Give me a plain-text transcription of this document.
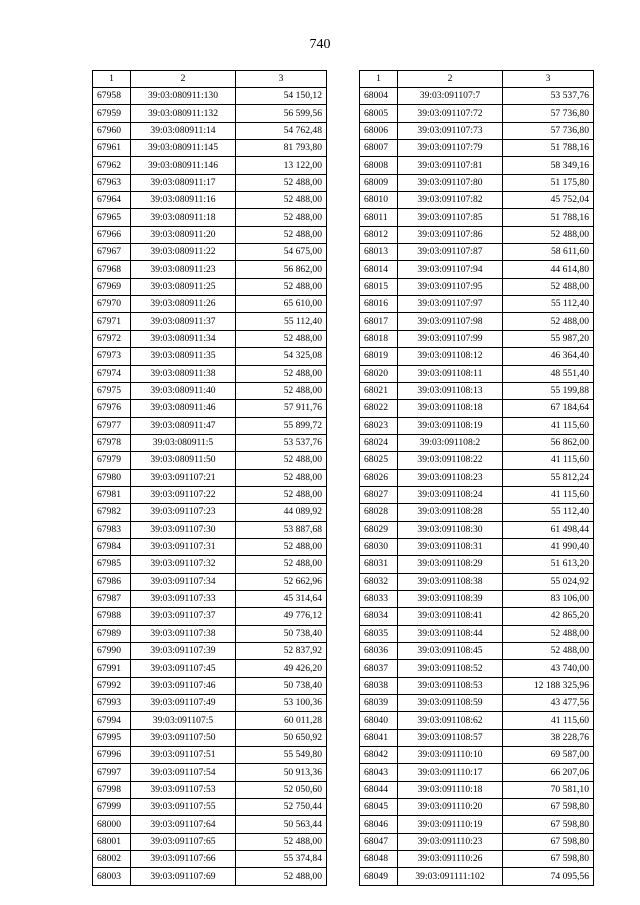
740
1	2	3
67958	39:03:080911:130	54 150,12
67959	39:03:080911:132	56 599,56
67960	39:03:080911:14	54 762,48
67961	39:03:080911:145	81 793,80
67962	39:03:080911:146	13 122,00
67963	39:03:080911:17	52 488,00
67964	39:03:080911:16	52 488,00
67965	39:03:080911:18	52 488,00
67966	39:03:080911:20	52 488,00
67967	39:03:080911:22	54 675,00
67968	39:03:080911:23	56 862,00
67969	39:03:080911:25	52 488,00
67970	39:03:080911:26	65 610,00
67971	39:03:080911:37	55 112,40
67972	39:03:080911:34	52 488,00
67973	39:03:080911:35	54 325,08
67974	39:03:080911:38	52 488,00
67975	39:03:080911:40	52 488,00
67976	39:03:080911:46	57 911,76
67977	39:03:080911:47	55 899,72
67978	39:03:080911:5	53 537,76
67979	39:03:080911:50	52 488,00
67980	39:03:091107:21	52 488,00
67981	39:03:091107:22	52 488,00
67982	39:03:091107:23	44 089,92
67983	39:03:091107:30	53 887,68
67984	39:03:091107:31	52 488,00
67985	39:03:091107:32	52 488,00
67986	39:03:091107:34	52 662,96
67987	39:03:091107:33	45 314,64
67988	39:03:091107:37	49 776,12
67989	39:03:091107:38	50 738,40
67990	39:03:091107:39	52 837,92
67991	39:03:091107:45	49 426,20
67992	39:03:091107:46	50 738,40
67993	39:03:091107:49	53 100,36
67994	39:03:091107:5	60 011,28
67995	39:03:091107:50	50 650,92
67996	39:03:091107:51	55 549,80
67997	39:03:091107:54	50 913,36
67998	39:03:091107:53	52 050,60
67999	39:03:091107:55	52 750,44
68000	39:03:091107:64	50 563,44
68001	39:03:091107:65	52 488,00
68002	39:03:091107:66	55 374,84
68003	39:03:091107:69	52 488,00
1	2	3
68004	39:03:091107:7	53 537,76
68005	39:03:091107:72	57 736,80
68006	39:03:091107:73	57 736,80
68007	39:03:091107:79	51 788,16
68008	39:03:091107:81	58 349,16
68009	39:03:091107:80	51 175,80
68010	39:03:091107:82	45 752,04
68011	39:03:091107:85	51 788,16
68012	39:03:091107:86	52 488,00
68013	39:03:091107:87	58 611,60
68014	39:03:091107:94	44 614,80
68015	39:03:091107:95	52 488,00
68016	39:03:091107:97	55 112,40
68017	39:03:091107:98	52 488,00
68018	39:03:091107:99	55 987,20
68019	39:03:091108:12	46 364,40
68020	39:03:091108:11	48 551,40
68021	39:03:091108:13	55 199,88
68022	39:03:091108:18	67 184,64
68023	39:03:091108:19	41 115,60
68024	39:03:091108:2	56 862,00
68025	39:03:091108:22	41 115,60
68026	39:03:091108:23	55 812,24
68027	39:03:091108:24	41 115,60
68028	39:03:091108:28	55 112,40
68029	39:03:091108:30	61 498,44
68030	39:03:091108:31	41 990,40
68031	39:03:091108:29	51 613,20
68032	39:03:091108:38	55 024,92
68033	39:03:091108:39	83 106,00
68034	39:03:091108:41	42 865,20
68035	39:03:091108:44	52 488,00
68036	39:03:091108:45	52 488,00
68037	39:03:091108:52	43 740,00
68038	39:03:091108:53	12 188 325,96
68039	39:03:091108:59	43 477,56
68040	39:03:091108:62	41 115,60
68041	39:03:091108:57	38 228,76
68042	39:03:091110:10	69 587,00
68043	39:03:091110:17	66 207,06
68044	39:03:091110:18	70 581,10
68045	39:03:091110:20	67 598,80
68046	39:03:091110:19	67 598,80
68047	39:03:091110:23	67 598,80
68048	39:03:091110:26	67 598,80
68049	39:03:091111:102	74 095,56
